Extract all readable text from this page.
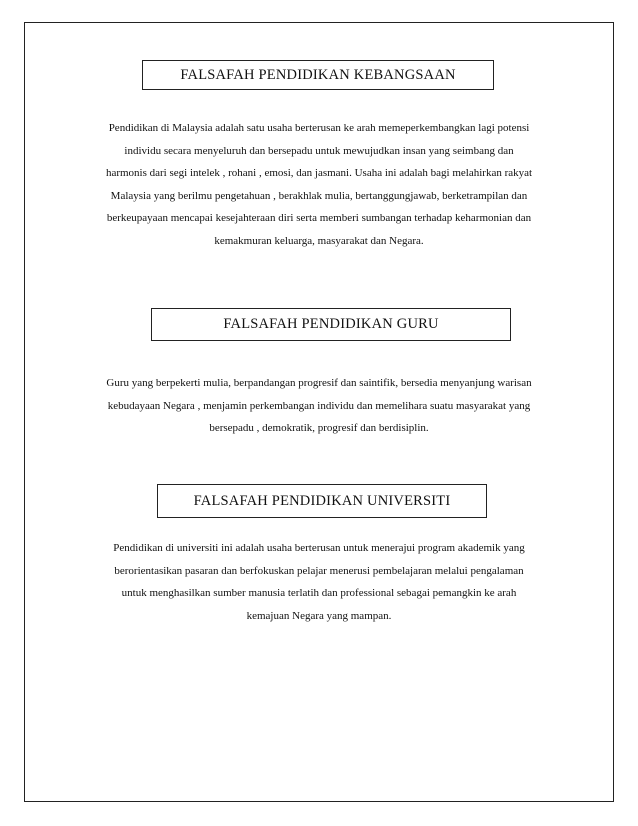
FALSAFAH PENDIDIKAN KEBANGSAAN

Pendidikan di Malaysia adalah satu usaha berterusan ke arah memeperkembangkan lagi potensi
individu secara menyeluruh dan bersepadu untuk mewujudkan insan yang seimbang dan
harmonis dari segi intelek , rohani , emosi, dan jasmani. Usaha ini adalah bagi melahirkan rakyat
Malaysia yang berilmu pengetahuan , berakhlak mulia, bertanggungjawab, berketrampilan dan
berkeupayaan mencapai kesejahteraan diri serta memberi sumbangan terhadap keharmonian dan
kemakmuran keluarga, masyarakat dan Negara.

FALSAFAH PENDIDIKAN GURU

Guru yang berpekerti mulia, berpandangan progresif dan saintifik, bersedia menyanjung warisan
kebudayaan Negara , menjamin perkembangan individu dan memelihara suatu masyarakat yang
bersepadu , demokratik, progresif dan berdisiplin.

FALSAFAH PENDIDIKAN UNIVERSITI

Pendidikan di universiti ini adalah usaha berterusan untuk menerajui program akademik yang
berorientasikan pasaran dan berfokuskan pelajar menerusi pembelajaran melalui pengalaman
untuk menghasilkan sumber manusia terlatih dan professional sebagai pemangkin ke arah
kemajuan Negara yang mampan.
